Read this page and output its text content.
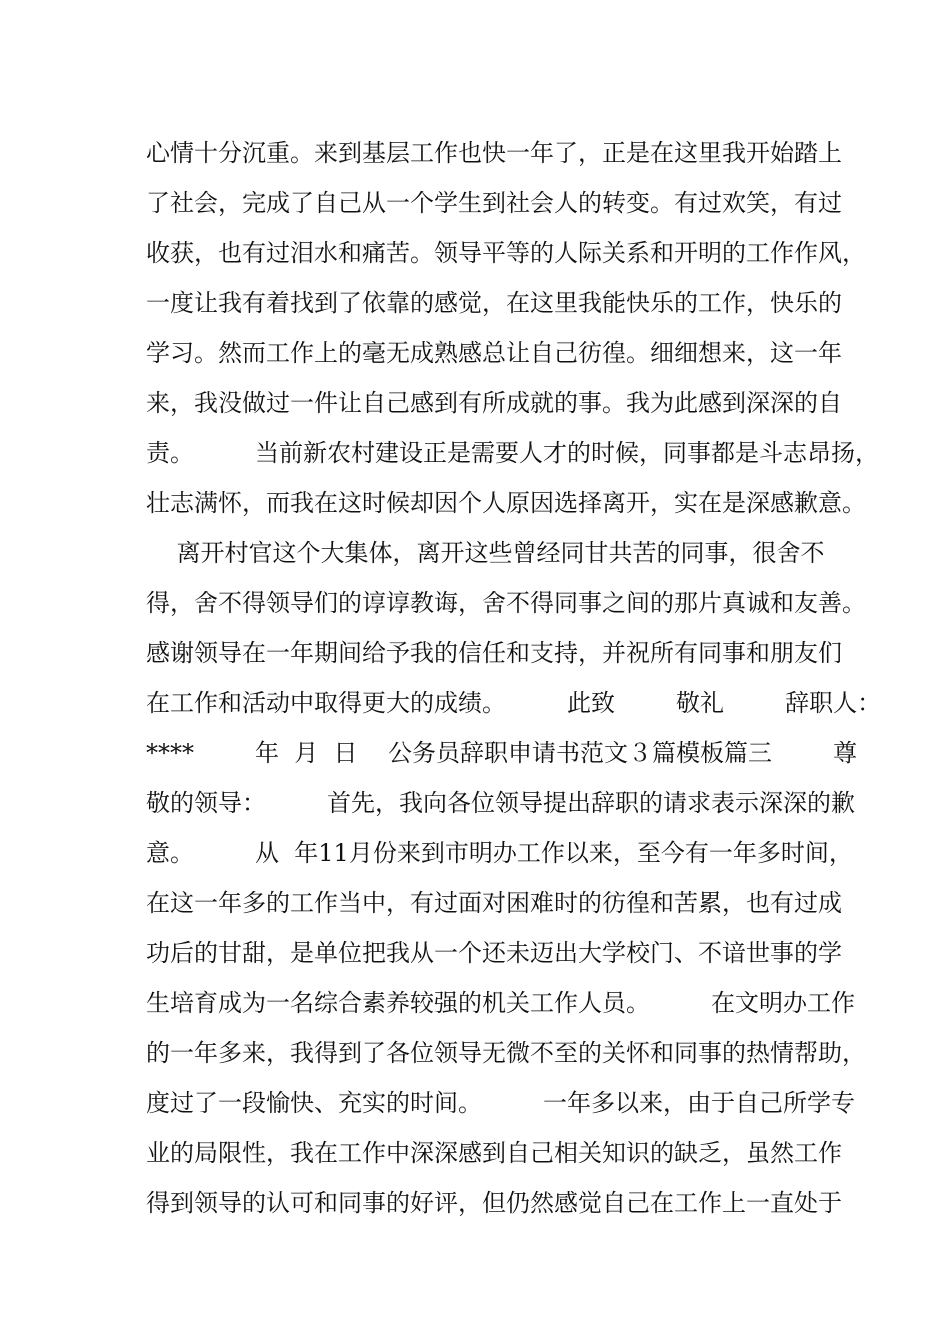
心情十分沉重。来到基层工作也快一年了，正是在这里我开始踏上
了社会，完成了自己从一个学生到社会人的转变。有过欢笑，有过
收获，也有过泪水和痛苦。领导平等的人际关系和开明的工作作风，
一度让我有着找到了依靠的感觉，在这里我能快乐的工作，快乐的
学习。然而工作上的毫无成熟感总让自己彷徨。细细想来，这一年
来，我没做过一件让自己感到有所成就的事。我为此感到深深的自
责。        当前新农村建设正是需要人才的时候，同事都是斗志昂扬，
壮志满怀，而我在这时候却因个人原因选择离开，实在是深感歉意。
离开村官这个大集体，离开这些曾经同甘共苦的同事，很舍不
得，舍不得领导们的谆谆教诲，舍不得同事之间的那片真诚和友善。
感谢领导在一年期间给予我的信任和支持，并祝所有同事和朋友们
在工作和活动中取得更大的成绩。        此致        敬礼        辞职人：
****        年  月  日    公务员辞职申请书范文３篇模板篇三        尊
敬的领导：        首先，我向各位领导提出辞职的请求表示深深的歉
意。        从  年11月份来到市明办工作以来，至今有一年多时间，
在这一年多的工作当中，有过面对困难时的彷徨和苦累，也有过成
功后的甘甜，是单位把我从一个还未迈出大学校门、不谙世事的学
生培育成为一名综合素养较强的机关工作人员。        在文明办工作
的一年多来，我得到了各位领导无微不至的关怀和同事的热情帮助，
度过了一段愉快、充实的时间。        一年多以来，由于自己所学专
业的局限性，我在工作中深深感到自己相关知识的缺乏，虽然工作
得到领导的认可和同事的好评，但仍然感觉自己在工作上一直处于
